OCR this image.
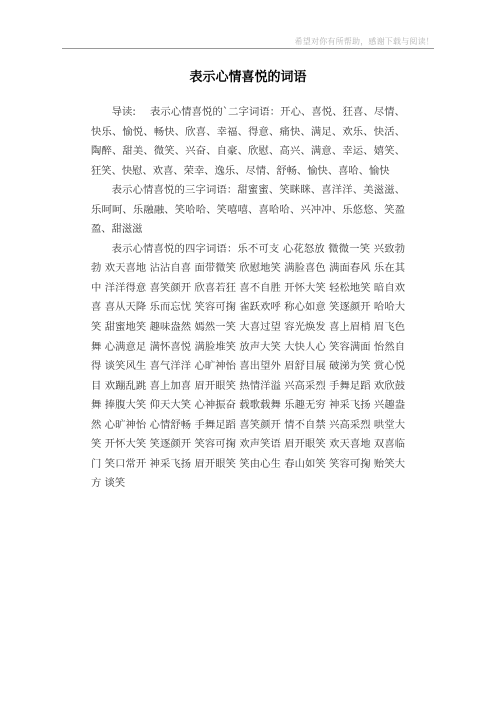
希望对你有所帮助，感谢下载与阅读！
表示心情喜悦的词语

导读: 表示心情喜悦的`二字词语：开心、喜悦、狂喜、尽情、快乐、愉悦、畅快、欣喜、幸福、得意、痛快、满足、欢乐、快活、陶醉、甜美、微笑、兴奋、自豪、欣慰、高兴、满意、幸运、嬉笑、狂笑、快慰、欢喜、荣幸、逸乐、尽情、舒畅、愉快、喜哈、愉快

表示心情喜悦的三字词语：甜蜜蜜、笑眯眯、喜洋洋、美滋滋、乐呵呵、乐融融、笑哈哈、笑嘻嘻、喜哈哈、兴冲冲、乐悠悠、笑盈盈、甜滋滋

表示心情喜悦的四字词语：乐不可支 心花怒放 微微一笑 兴致勃勃 欢天喜地 沾沾自喜 面带微笑 欣慰地笑 满脸喜色 满面春风 乐在其中 洋洋得意 喜笑颜开 欣喜若狂 喜不自胜 开怀大笑 轻松地笑 暗自欢喜 喜从天降 乐而忘忧 笑容可掬 雀跃欢呼 称心如意 笑逐颜开 哈哈大笑 甜蜜地笑 趣味盎然 嫣然一笑 大喜过望 容光焕发 喜上眉梢 眉飞色舞 心满意足 满怀喜悦 满脸堆笑 放声大笑 大快人心 笑容满面 怡然自得 谈笑风生 喜气洋洋 心旷神怡 喜出望外 眉舒目展 破涕为笑 赏心悦目 欢蹦乱跳 喜上加喜 眉开眼笑 热情洋溢 兴高采烈 手舞足蹈 欢欣鼓舞 捧腹大笑 仰天大笑 心神振奋 载歌载舞 乐趣无穷 神采飞扬 兴趣盎然 心旷神怡 心情舒畅 手舞足蹈 喜笑颜开 情不自禁 兴高采烈 哄堂大笑 开怀大笑 笑逐颜开 笑容可掬 欢声笑语 眉开眼笑 欢天喜地 双喜临门 笑口常开 神采飞扬 眉开眼笑 笑由心生 春山如笑 笑容可掬 贻笑大方 谈笑
